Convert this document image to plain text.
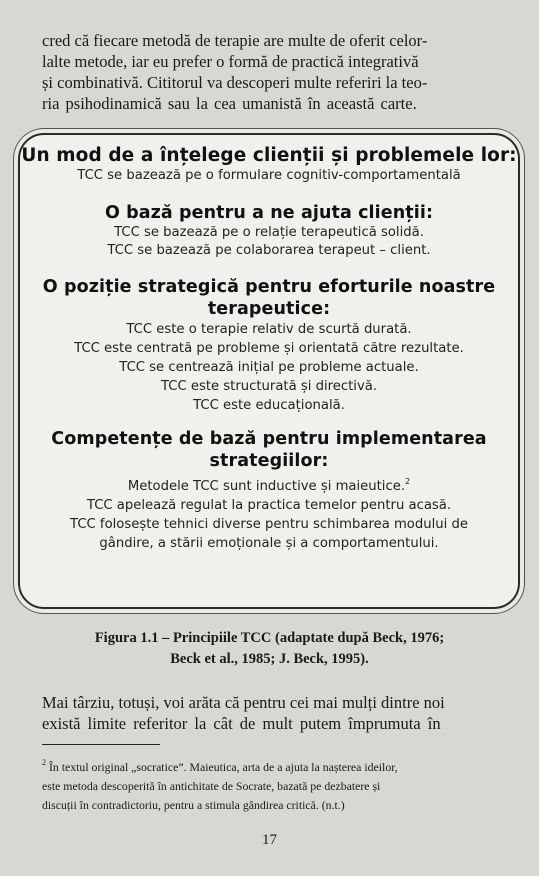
cred că fiecare metodă de terapie are multe de oferit celor-

lalte metode, iar eu prefer o formă de practică integrativă

și combinativă. Cititorul va descoperi multe referiri la teo-

ria psihodinamică sau la cea umanistă în această carte.

Un mod de a înțelege clienții și problemele lor:
TCC se bazează pe o formulare cognitiv-comportamentală
O bază pentru a ne ajuta clienții:
TCC se bazează pe o relație terapeutică solidă.
TCC se bazează pe colaborarea terapeut – client.
O poziție strategică pentru eforturile noastre
terapeutice:
TCC este o terapie relativ de scurtă durată.
TCC este centrată pe probleme și orientată către rezultate.
TCC se centrează inițial pe probleme actuale.
TCC este structurată și directivă.
TCC este educațională.
Competențe de bază pentru implementarea
strategiilor:
Metodele TCC sunt inductive și maieutice.$^2$
TCC apelează regulat la practica temelor pentru acasă.
TCC folosește tehnici diverse pentru schimbarea modului de
gândire, a stării emoționale și a comportamentului.
Figura 1.1 – Principiile TCC (adaptate după Beck, 1976;
Beck et al., 1985; J. Beck, 1995).

Mai târziu, totuși, voi arăta că pentru cei mai mulți dintre noi

există limite referitor la cât de mult putem împrumuta în

$^2$ În textul original „socratice”. Maieutica, arta de a ajuta la nașterea ideilor,

este metoda descoperită în antichitate de Socrate, bazată pe dezbatere și

discuții în contradictoriu, pentru a stimula gândirea critică. (n.t.)

17
